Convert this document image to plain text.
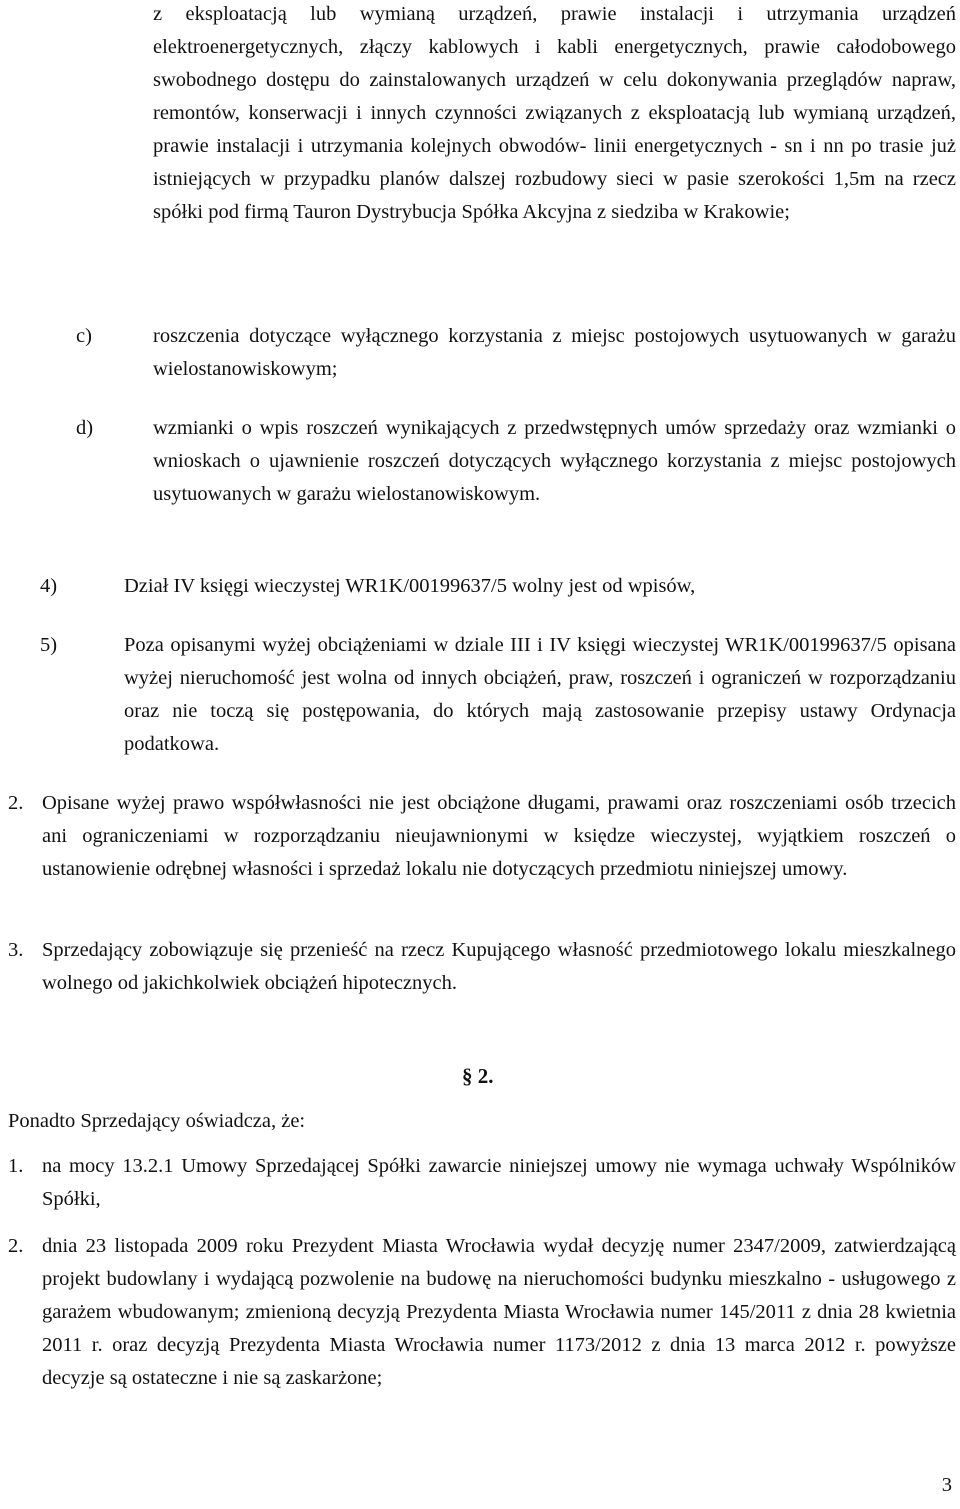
z eksploatacją lub wymianą urządzeń, prawie instalacji i utrzymania urządzeń elektroenergetycznych, złączy kablowych i kabli energetycznych, prawie całodobowego swobodnego dostępu do zainstalowanych urządzeń w celu dokonywania przeglądów napraw, remontów, konserwacji i innych czynności związanych z eksploatacją lub wymianą urządzeń, prawie instalacji i utrzymania kolejnych obwodów- linii energetycznych - sn i nn po trasie już istniejących w przypadku planów dalszej rozbudowy sieci w pasie szerokości 1,5m na rzecz spółki pod firmą Tauron Dystrybucja Spółka Akcyjna z siedziba w Krakowie;

c)	roszczenia dotyczące wyłącznego korzystania z miejsc postojowych usytuowanych w garażu wielostanowiskowym;

d)	wzmianki o wpis roszczeń wynikających z przedwstępnych umów sprzedaży oraz wzmianki o wnioskach o ujawnienie roszczeń dotyczących wyłącznego korzystania z miejsc postojowych usytuowanych w garażu wielostanowiskowym.

4)	Dział IV księgi wieczystej WR1K/00199637/5 wolny jest od wpisów,

5)	Poza opisanymi wyżej obciążeniami w dziale III i IV księgi wieczystej WR1K/00199637/5 opisana wyżej nieruchomość jest wolna od innych obciążeń, praw, roszczeń i ograniczeń w rozporządzaniu oraz nie toczą się postępowania, do których mają zastosowanie przepisy ustawy Ordynacja podatkowa.

2. Opisane wyżej prawo współwłasności nie jest obciążone długami, prawami oraz roszczeniami osób trzecich ani ograniczeniami w rozporządzaniu nieujawnionymi w księdze wieczystej, wyjątkiem roszczeń o ustanowienie odrębnej własności i sprzedaż lokalu nie dotyczących przedmiotu niniejszej umowy.

3. Sprzedający zobowiązuje się przenieść na rzecz Kupującego własność przedmiotowego lokalu mieszkalnego wolnego od jakichkolwiek obciążeń hipotecznych.

§ 2.

Ponadto Sprzedający oświadcza, że:

1. na mocy 13.2.1 Umowy Sprzedającej Spółki zawarcie niniejszej umowy nie wymaga uchwały Wspólników Spółki,

2. dnia 23 listopada 2009 roku Prezydent Miasta Wrocławia wydał decyzję numer 2347/2009, zatwierdzającą projekt budowlany i wydającą pozwolenie na budowę na nieruchomości budynku mieszkalno - usługowego z garażem wbudowanym; zmienioną decyzją Prezydenta Miasta Wrocławia numer 145/2011 z dnia 28 kwietnia 2011 r. oraz decyzją Prezydenta Miasta Wrocławia numer 1173/2012 z dnia 13 marca 2012 r. powyższe decyzje są ostateczne i nie są zaskarżone;

3
